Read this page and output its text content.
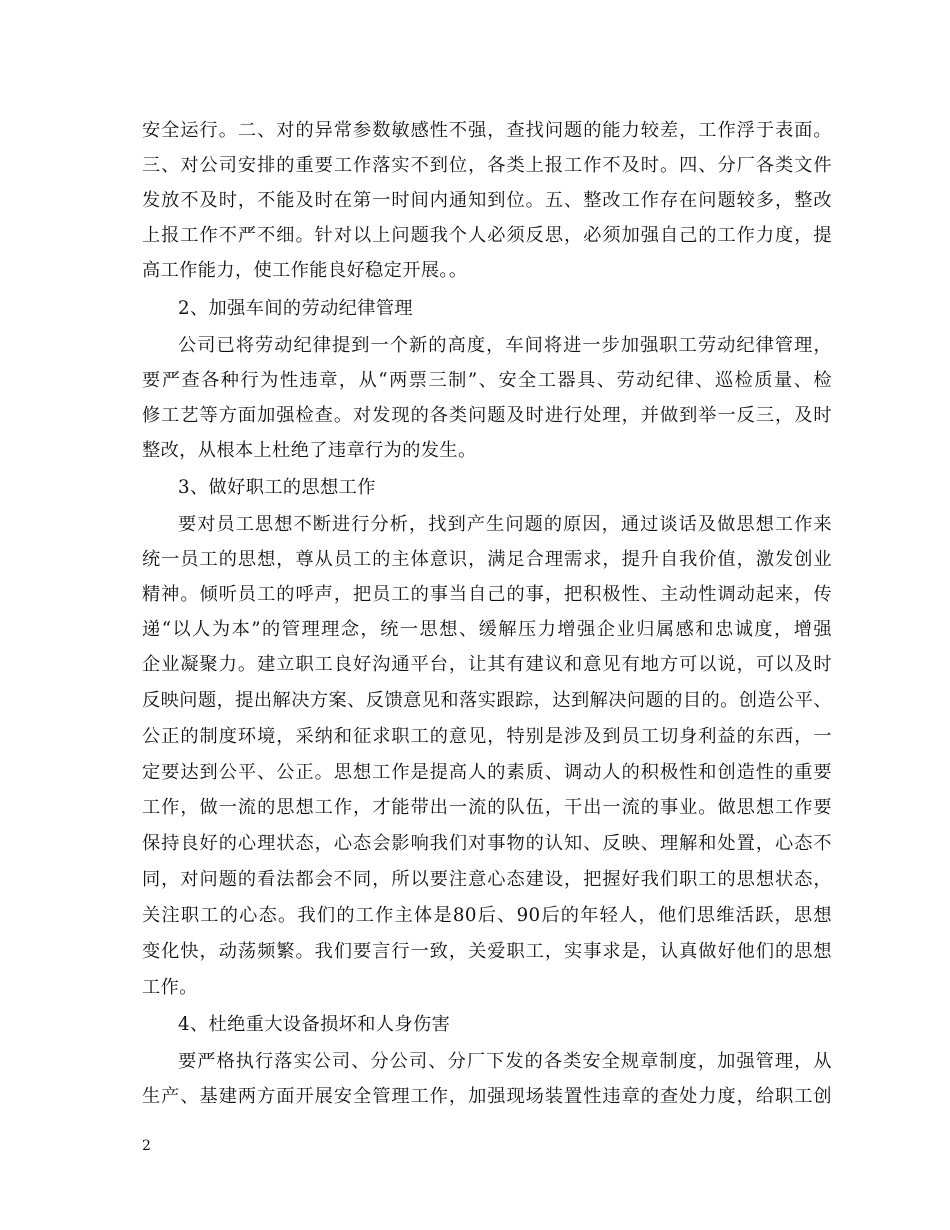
安全运行。二、对的异常参数敏感性不强，查找问题的能力较差，工作浮于表面。
三、对公司安排的重要工作落实不到位，各类上报工作不及时。四、分厂各类文件
发放不及时，不能及时在第一时间内通知到位。五、整改工作存在问题较多，整改
上报工作不严不细。针对以上问题我个人必须反思，必须加强自己的工作力度，提
高工作能力，使工作能良好稳定开展。。
2、加强车间的劳动纪律管理
公司已将劳动纪律提到一个新的高度，车间将进一步加强职工劳动纪律管理，
要严查各种行为性违章，从“两票三制”、安全工器具、劳动纪律、巡检质量、检
修工艺等方面加强检查。对发现的各类问题及时进行处理，并做到举一反三，及时
整改，从根本上杜绝了违章行为的发生。
3、做好职工的思想工作
要对员工思想不断进行分析，找到产生问题的原因，通过谈话及做思想工作来
统一员工的思想，尊从员工的主体意识，满足合理需求，提升自我价值，激发创业
精神。倾听员工的呼声，把员工的事当自己的事，把积极性、主动性调动起来，传
递“以人为本”的管理理念，统一思想、缓解压力增强企业归属感和忠诚度，增强
企业凝聚力。建立职工良好沟通平台，让其有建议和意见有地方可以说，可以及时
反映问题，提出解决方案、反馈意见和落实跟踪，达到解决问题的目的。创造公平、
公正的制度环境，采纳和征求职工的意见，特别是涉及到员工切身利益的东西，一
定要达到公平、公正。思想工作是提高人的素质、调动人的积极性和创造性的重要
工作，做一流的思想工作，才能带出一流的队伍，干出一流的事业。做思想工作要
保持良好的心理状态，心态会影响我们对事物的认知、反映、理解和处置，心态不
同，对问题的看法都会不同，所以要注意心态建设，把握好我们职工的思想状态，
关注职工的心态。我们的工作主体是80后、90后的年轻人，他们思维活跃，思想
变化快，动荡频繁。我们要言行一致，关爱职工，实事求是，认真做好他们的思想
工作。
4、杜绝重大设备损坏和人身伤害
要严格执行落实公司、分公司、分厂下发的各类安全规章制度，加强管理，从
生产、基建两方面开展安全管理工作，加强现场装置性违章的查处力度，给职工创
2
